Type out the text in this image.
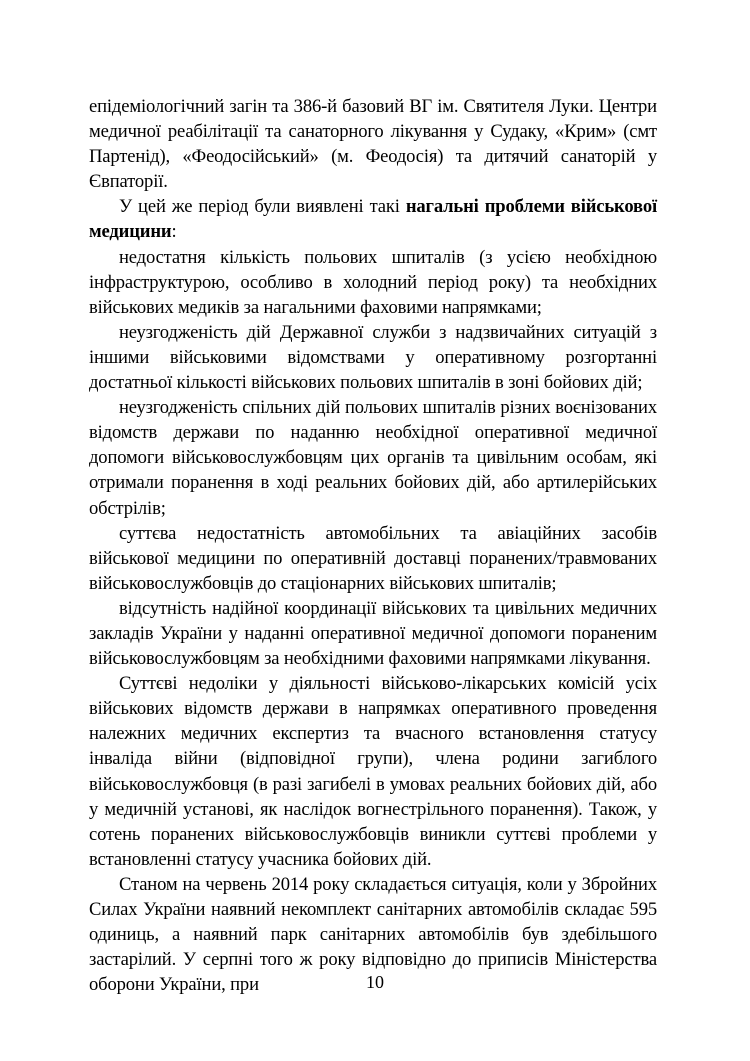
епідеміологічний загін та 386-й базовий ВГ ім. Святителя Луки. Центри медичної реабілітації та санаторного лікування у Судаку, «Крим» (смт Партенід), «Феодосійський» (м. Феодосія) та дитячий санаторій у Євпаторії.

У цей же період були виявлені такі нагальні проблеми військової медицини:

недостатня кількість польових шпиталів (з усією необхідною інфраструктурою, особливо в холодний період року) та необхідних військових медиків за нагальними фаховими напрямками;

неузгодженість дій Державної служби з надзвичайних ситуацій з іншими військовими відомствами у оперативному розгортанні достатньої кількості військових польових шпиталів в зоні бойових дій;

неузгодженість спільних дій польових шпиталів різних воєнізованих відомств держави по наданню необхідної оперативної медичної допомоги військовослужбовцям цих органів та цивільним особам, які отримали поранення в ході реальних бойових дій, або артилерійських обстрілів;

суттєва недостатність автомобільних та авіаційних засобів військової медицини по оперативній доставці поранених/травмованих військовослужбовців до стаціонарних військових шпиталів;

відсутність надійної координації військових та цивільних медичних закладів України у наданні оперативної медичної допомоги пораненим військовослужбовцям за необхідними фаховими напрямками лікування.

Суттєві недоліки у діяльності військово-лікарських комісій усіх військових відомств держави в напрямках оперативного проведення належних медичних експертиз та вчасного встановлення статусу інваліда війни (відповідної групи), члена родини загиблого військовослужбовця (в разі загибелі в умовах реальних бойових дій, або у медичній установі, як наслідок вогнестрільного поранення). Також, у сотень поранених військовослужбовців виникли суттєві проблеми у встановленні статусу учасника бойових дій.

Станом на червень 2014 року складається ситуація, коли у Збройних Силах України наявний некомплект санітарних автомобілів складає 595 одиниць, а наявний парк санітарних автомобілів був здебільшого застарілий. У серпні того ж року відповідно до приписів Міністерства оборони України, при	10
